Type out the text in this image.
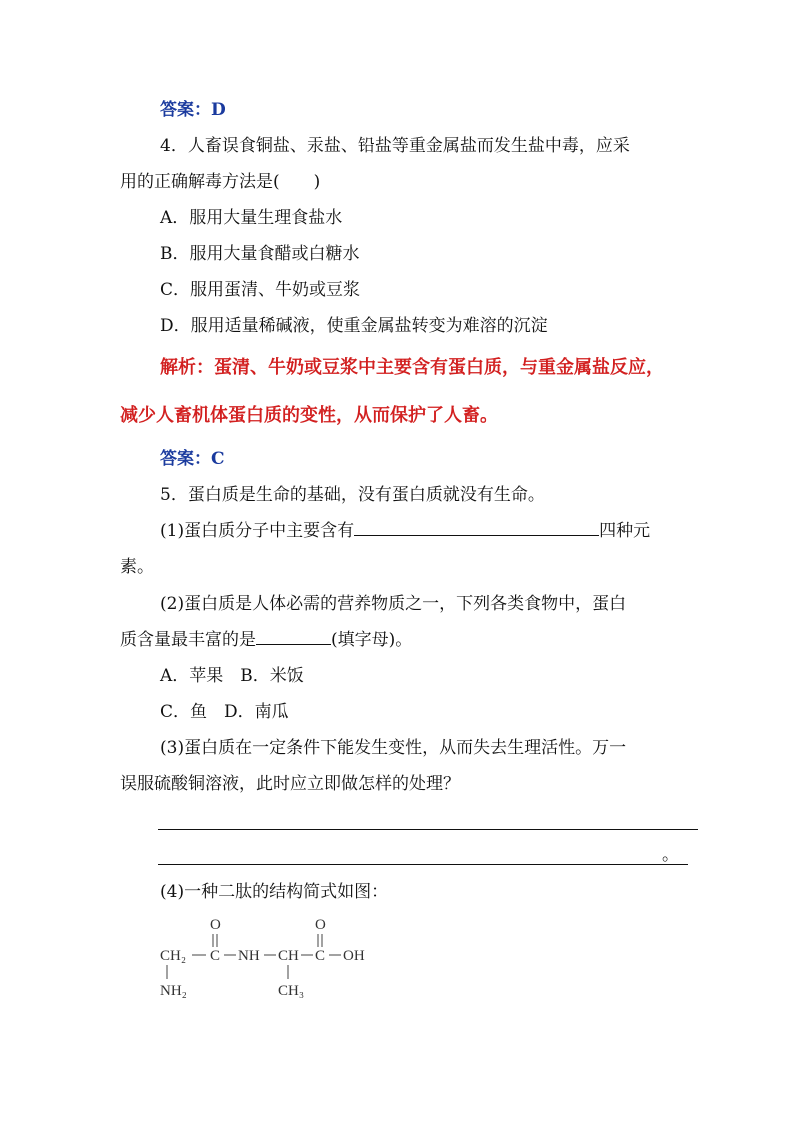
答案：D
4．人畜误食铜盐、汞盐、铅盐等重金属盐而发生盐中毒，应采
用的正确解毒方法是(　　)
A．服用大量生理食盐水
B．服用大量食醋或白糖水
C．服用蛋清、牛奶或豆浆
D．服用适量稀碱液，使重金属盐转变为难溶的沉淀
解析：蛋清、牛奶或豆浆中主要含有蛋白质，与重金属盐反应，
减少人畜机体蛋白质的变性，从而保护了人畜。
答案：C
5．蛋白质是生命的基础，没有蛋白质就没有生命。
(1)蛋白质分子中主要含有	四种元
素。
(2)蛋白质是人体必需的营养物质之一，下列各类食物中，蛋白
质含量最丰富的是	(填字母)。
A．苹果　B．米饭
C．鱼　D．南瓜
(3)蛋白质在一定条件下能发生变性，从而失去生理活性。万一
误服硫酸铜溶液，此时应立即做怎样的处理？
。
(4)一种二肽的结构简式如图：
O	O
CH₂ C NH CH C OH
NH₂	CH₃
